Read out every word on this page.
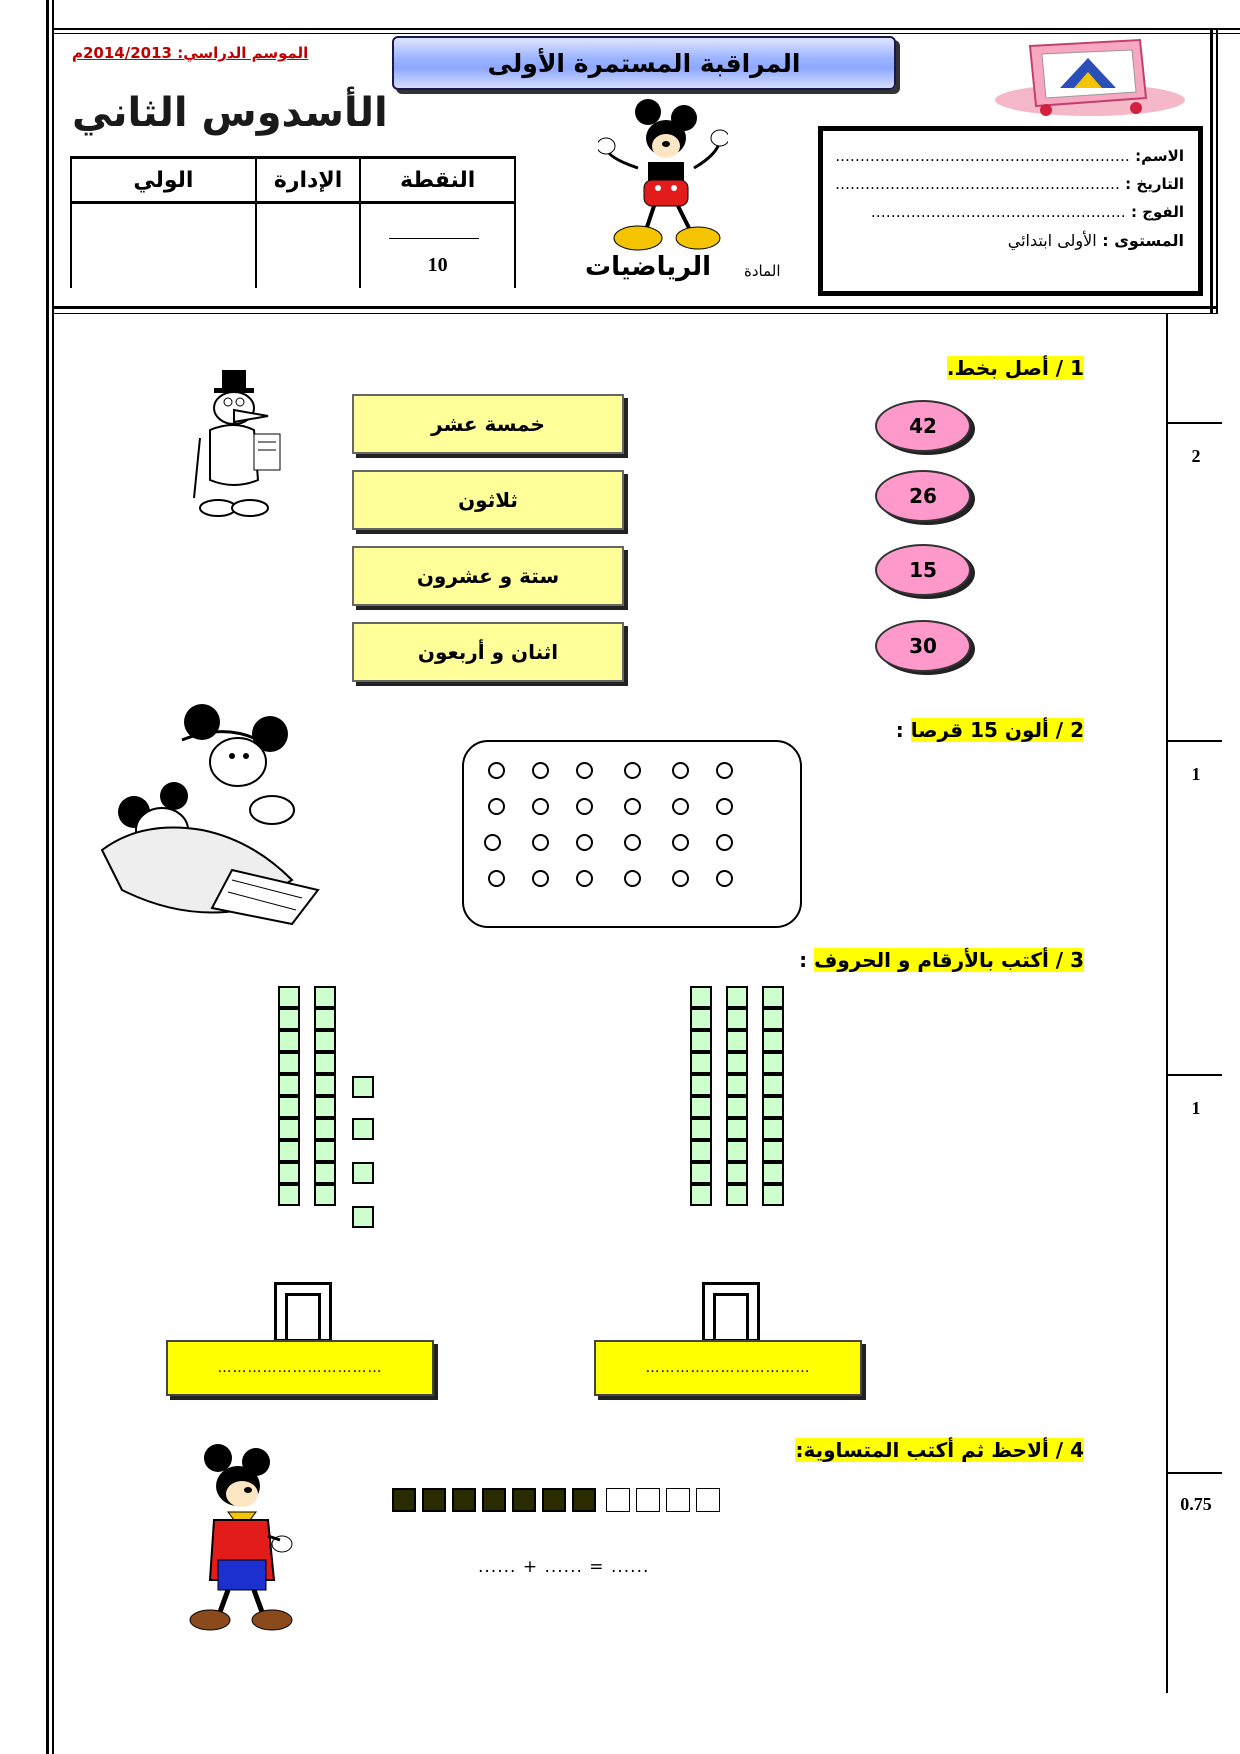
المراقبة المستمرة الأولى
الموسم الدراسي: 2014/2013م
الأسدوس الثاني
الولي	الإدارة	النقطة

		10	الرياضيات المادة
الاسم: …………………………………………………..
التاريخ : …………………………………………………
الفوج : ……………………………………………
المستوى : الأولى ابتدائي
2
1
1
0.75
1 / أصل بخط.
خمسة عشر
ثلاثون
ستة و عشرون
اثنان و أربعون
42
26
15
30
2 / ألون 15 قرصا :
3 / أكتب بالأرقام و الحروف :
……………………………	……………………………
4 / ألاحظ ثم أكتب المتساوية:
...... + ...... = ......
